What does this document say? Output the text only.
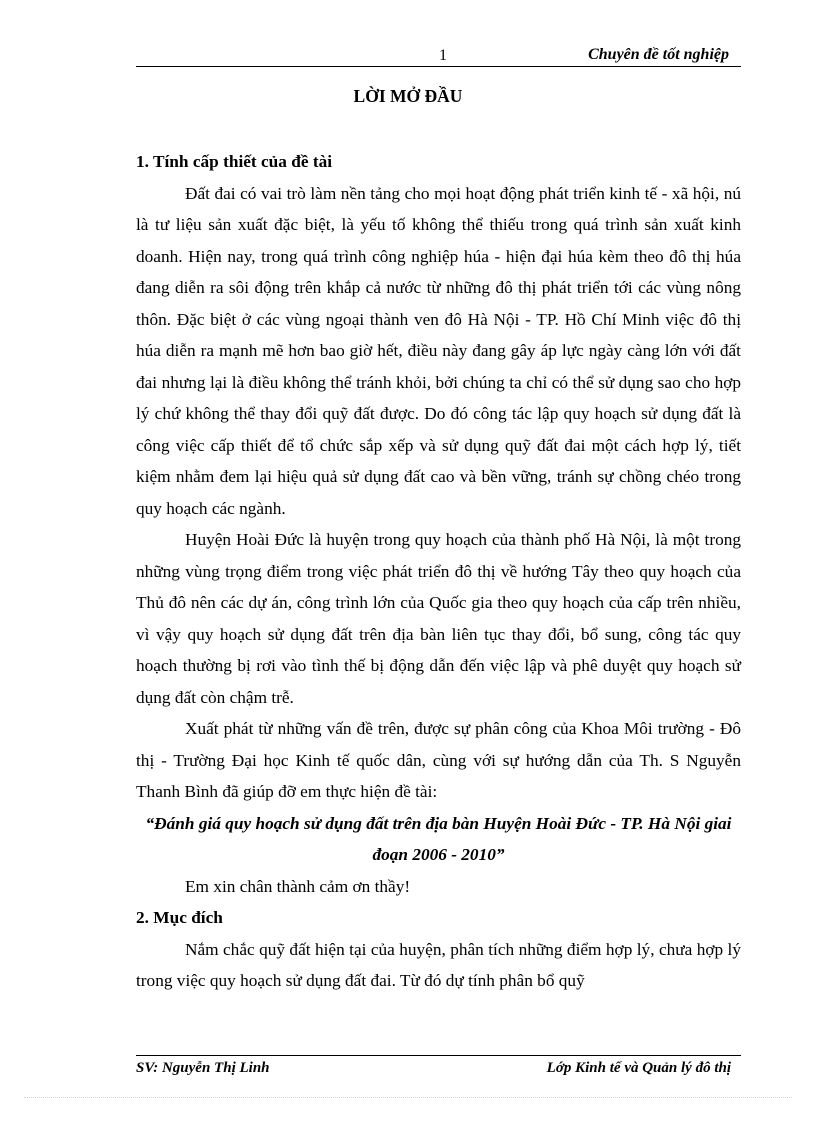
1	Chuyên đề tốt nghiệp
LỜI MỞ ĐẦU

1. Tính cấp thiết của đề tài

Đất đai có vai trò làm nền tảng cho mọi hoạt động phát triển kinh tế - xã hội, nú là tư liệu sản xuất đặc biệt, là yếu tố không thể thiếu trong quá trình sản xuất kinh doanh. Hiện nay, trong quá trình công nghiệp húa - hiện đại húa kèm theo đô thị húa đang diễn ra sôi động trên khắp cả nước từ những đô thị phát triển tới các vùng nông thôn. Đặc biệt ở các vùng ngoại thành ven đô Hà Nội - TP. Hồ Chí Minh việc đô thị húa diễn ra mạnh mẽ hơn bao giờ hết, điều này đang gây áp lực ngày càng lớn với đất đai nhưng lại là điều không thể tránh khỏi, bởi chúng ta chỉ có thể sử dụng sao cho hợp lý chứ không thể thay đổi quỹ đất được. Do đó công tác lập quy hoạch sử dụng đất là công việc cấp thiết để tổ chức sắp xếp và sử dụng quỹ đất đai một cách hợp lý, tiết kiệm nhằm đem lại hiệu quả sử dụng đất cao và bền vững, tránh sự chồng chéo trong quy hoạch các ngành.

Huyện Hoài Đức là huyện trong quy hoạch của thành phố Hà Nội, là một trong những vùng trọng điểm trong việc phát triển đô thị về hướng Tây theo quy hoạch của Thủ đô nên các dự án, công trình lớn của Quốc gia theo quy hoạch của cấp trên nhiều, vì vậy quy hoạch sử dụng đất trên địa bàn liên tục thay đổi, bổ sung, công tác quy hoạch thường bị rơi vào tình thế bị động dẫn đến việc lập và phê duyệt quy hoạch sử dụng đất còn chậm trễ.

Xuất phát từ những vấn đề trên, được sự phân công của Khoa Môi trường - Đô thị - Trường Đại học Kinh tế quốc dân, cùng với sự hướng dẫn của Th. S Nguyễn Thanh Bình đã giúp đỡ em thực hiện đề tài:

“Đánh giá quy hoạch sử dụng đất trên địa bàn Huyện Hoài Đức - TP. Hà Nội giai đoạn 2006 - 2010”

Em xin chân thành cảm ơn thầy!

2. Mục đích

Nắm chắc quỹ đất hiện tại của huyện, phân tích những điểm hợp lý, chưa hợp lý trong việc quy hoạch sử dụng đất đai. Từ đó dự tính phân bổ quỹ

SV: Nguyễn Thị Linh	Lớp Kinh tế và Quản lý đô thị
